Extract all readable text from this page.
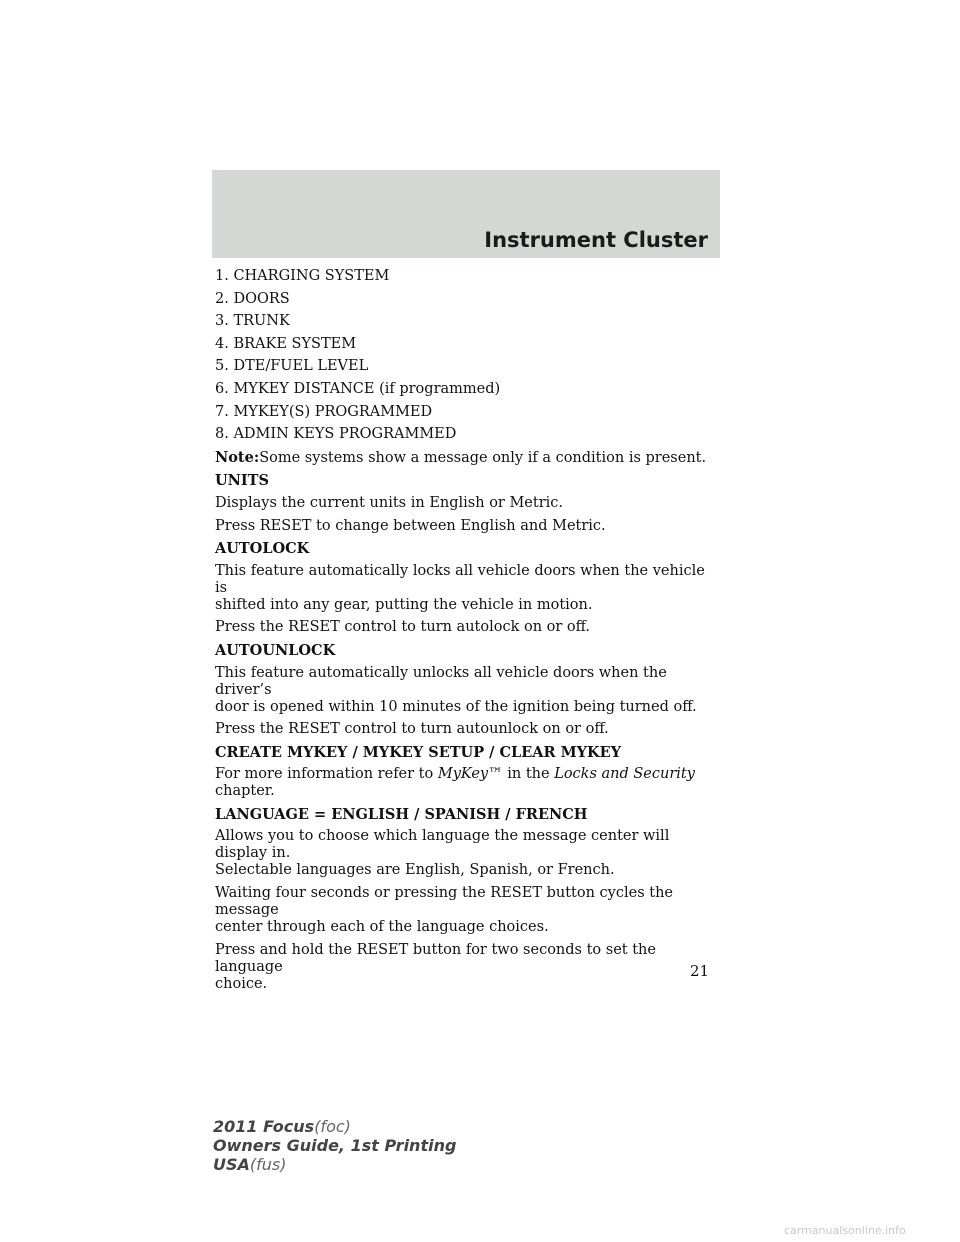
Instrument Cluster
1. CHARGING SYSTEM
2. DOORS
3. TRUNK
4. BRAKE SYSTEM
5. DTE/FUEL LEVEL
6. MYKEY DISTANCE (if programmed)
7. MYKEY(S) PROGRAMMED
8. ADMIN KEYS PROGRAMMED
Note:Some systems show a message only if a condition is present.
UNITS
Displays the current units in English or Metric.
Press RESET to change between English and Metric.
AUTOLOCK
This feature automatically locks all vehicle doors when the vehicle is
shifted into any gear, putting the vehicle in motion.
Press the RESET control to turn autolock on or off.
AUTOUNLOCK
This feature automatically unlocks all vehicle doors when the driver’s
door is opened within 10 minutes of the ignition being turned off.
Press the RESET control to turn autounlock on or off.
CREATE MYKEY / MYKEY SETUP / CLEAR MYKEY
For more information refer to MyKey™ in the Locks and Security
chapter.
LANGUAGE = ENGLISH / SPANISH / FRENCH
Allows you to choose which language the message center will display in.
Selectable languages are English, Spanish, or French.
Waiting four seconds or pressing the RESET button cycles the message
center through each of the language choices.
Press and hold the RESET button for two seconds to set the language
choice.
21
2011 Focus(foc)
Owners Guide, 1st Printing
USA(fus)
carmanualsonline.info
